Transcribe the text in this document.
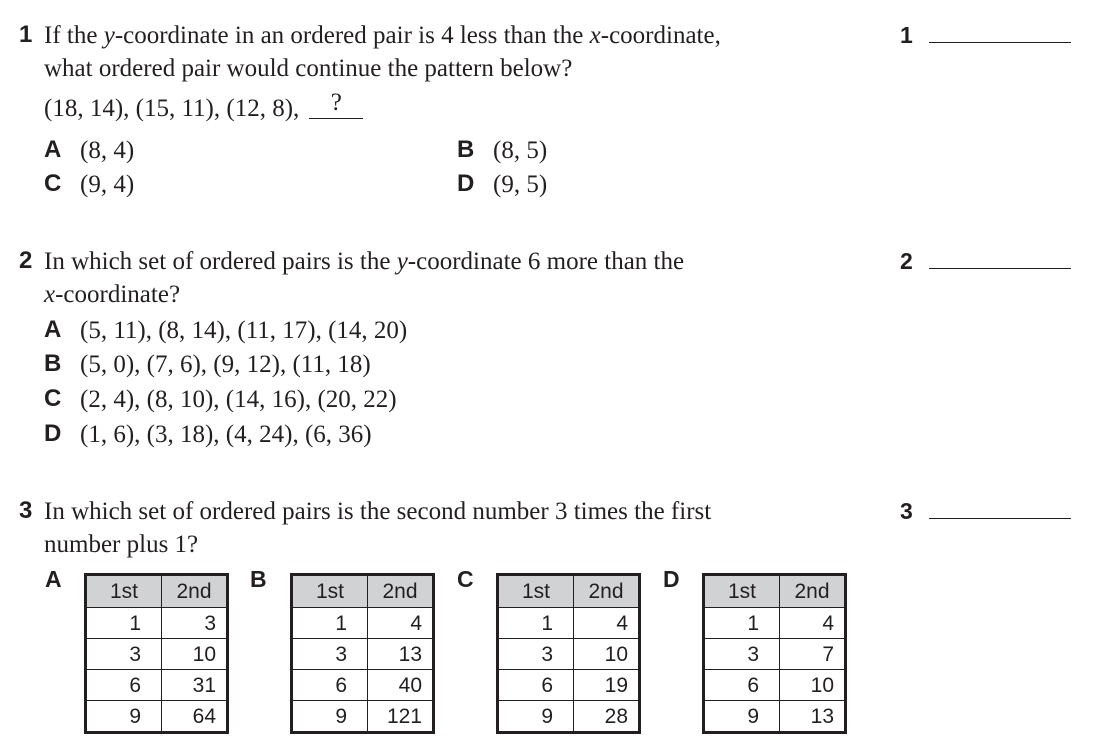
1 If the y-coordinate in an ordered pair is 4 less than the x-coordinate,
what ordered pair would continue the pattern below?
(18, 14), (15, 11), (12, 8),	?
A (8, 4)	B (8, 5)
C (9, 4)	D (9, 5)
1
2 In which set of ordered pairs is the y-coordinate 6 more than the
x-coordinate?
A (5, 11), (8, 14), (11, 17), (14, 20)
B (5, 0), (7, 6), (9, 12), (11, 18)
C (2, 4), (8, 10), (14, 16), (20, 22)
D (1, 6), (3, 18), (4, 24), (6, 36)
2
3 In which set of ordered pairs is the second number 3 times the first
number plus 1?
3
A 1st	2nd
1	3
3	10
6	31
9	64
B 1st	2nd
1	4
3	13
6	40
9	121
C 1st	2nd
1	4
3	10
6	19
9	28
D 1st	2nd
1	4
3	7
6	10
9	13
